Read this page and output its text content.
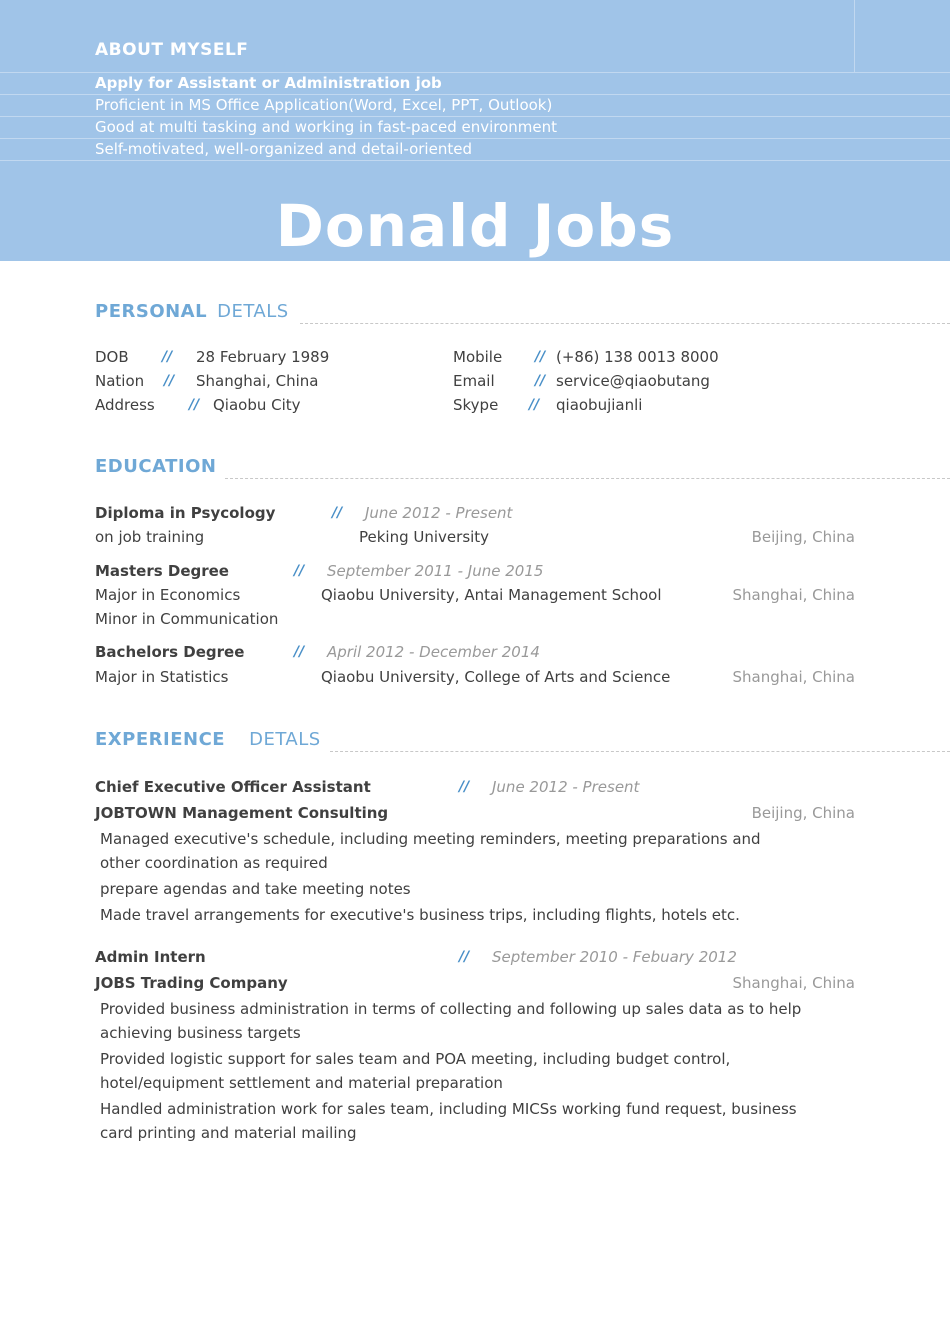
ABOUT MYSELF
Apply for Assistant or Administration job
Proficient in MS Office Application(Word, Excel, PPT, Outlook)
Good at multi tasking and working in fast-paced environment
Self-motivated, well-organized and detail-oriented
Donald Jobs
PERSONAL DETALS
DOB // 28 February 1989
Nation // Shanghai, China
Address // Qiaobu City
Mobile // (+86) 138 0013 8000
Email	// service@qiaobutang
Skype // qiaobujianli
EDUCATION
Diploma in Psycology	// June 2012 - Present
on job training	Peking University	Beijing, China
Masters Degree	// September 2011 - June 2015
Major in Economics	Qiaobu University, Antai Management School	Shanghai, China
Minor in Communication
Bachelors Degree	// April 2012 - December 2014
Major in Statistics	Qiaobu University, College of Arts and Science	Shanghai, China
EXPERIENCE DETALS
Chief Executive Officer Assistant	// June 2012 - Present
JOBTOWN Management Consulting	Beijing, China
Managed executive's schedule, including meeting reminders, meeting preparations and
other coordination as required
prepare agendas and take meeting notes
Made travel arrangements for executive's business trips, including flights, hotels etc.
Admin Intern	// September 2010 - Febuary 2012
JOBS Trading Company	Shanghai, China
Provided business administration in terms of collecting and following up sales data as to help
achieving business targets
Provided logistic support for sales team and POA meeting, including budget control,
hotel/equipment settlement and material preparation
Handled administration work for sales team, including MICSs working fund request, business
card printing and material mailing
